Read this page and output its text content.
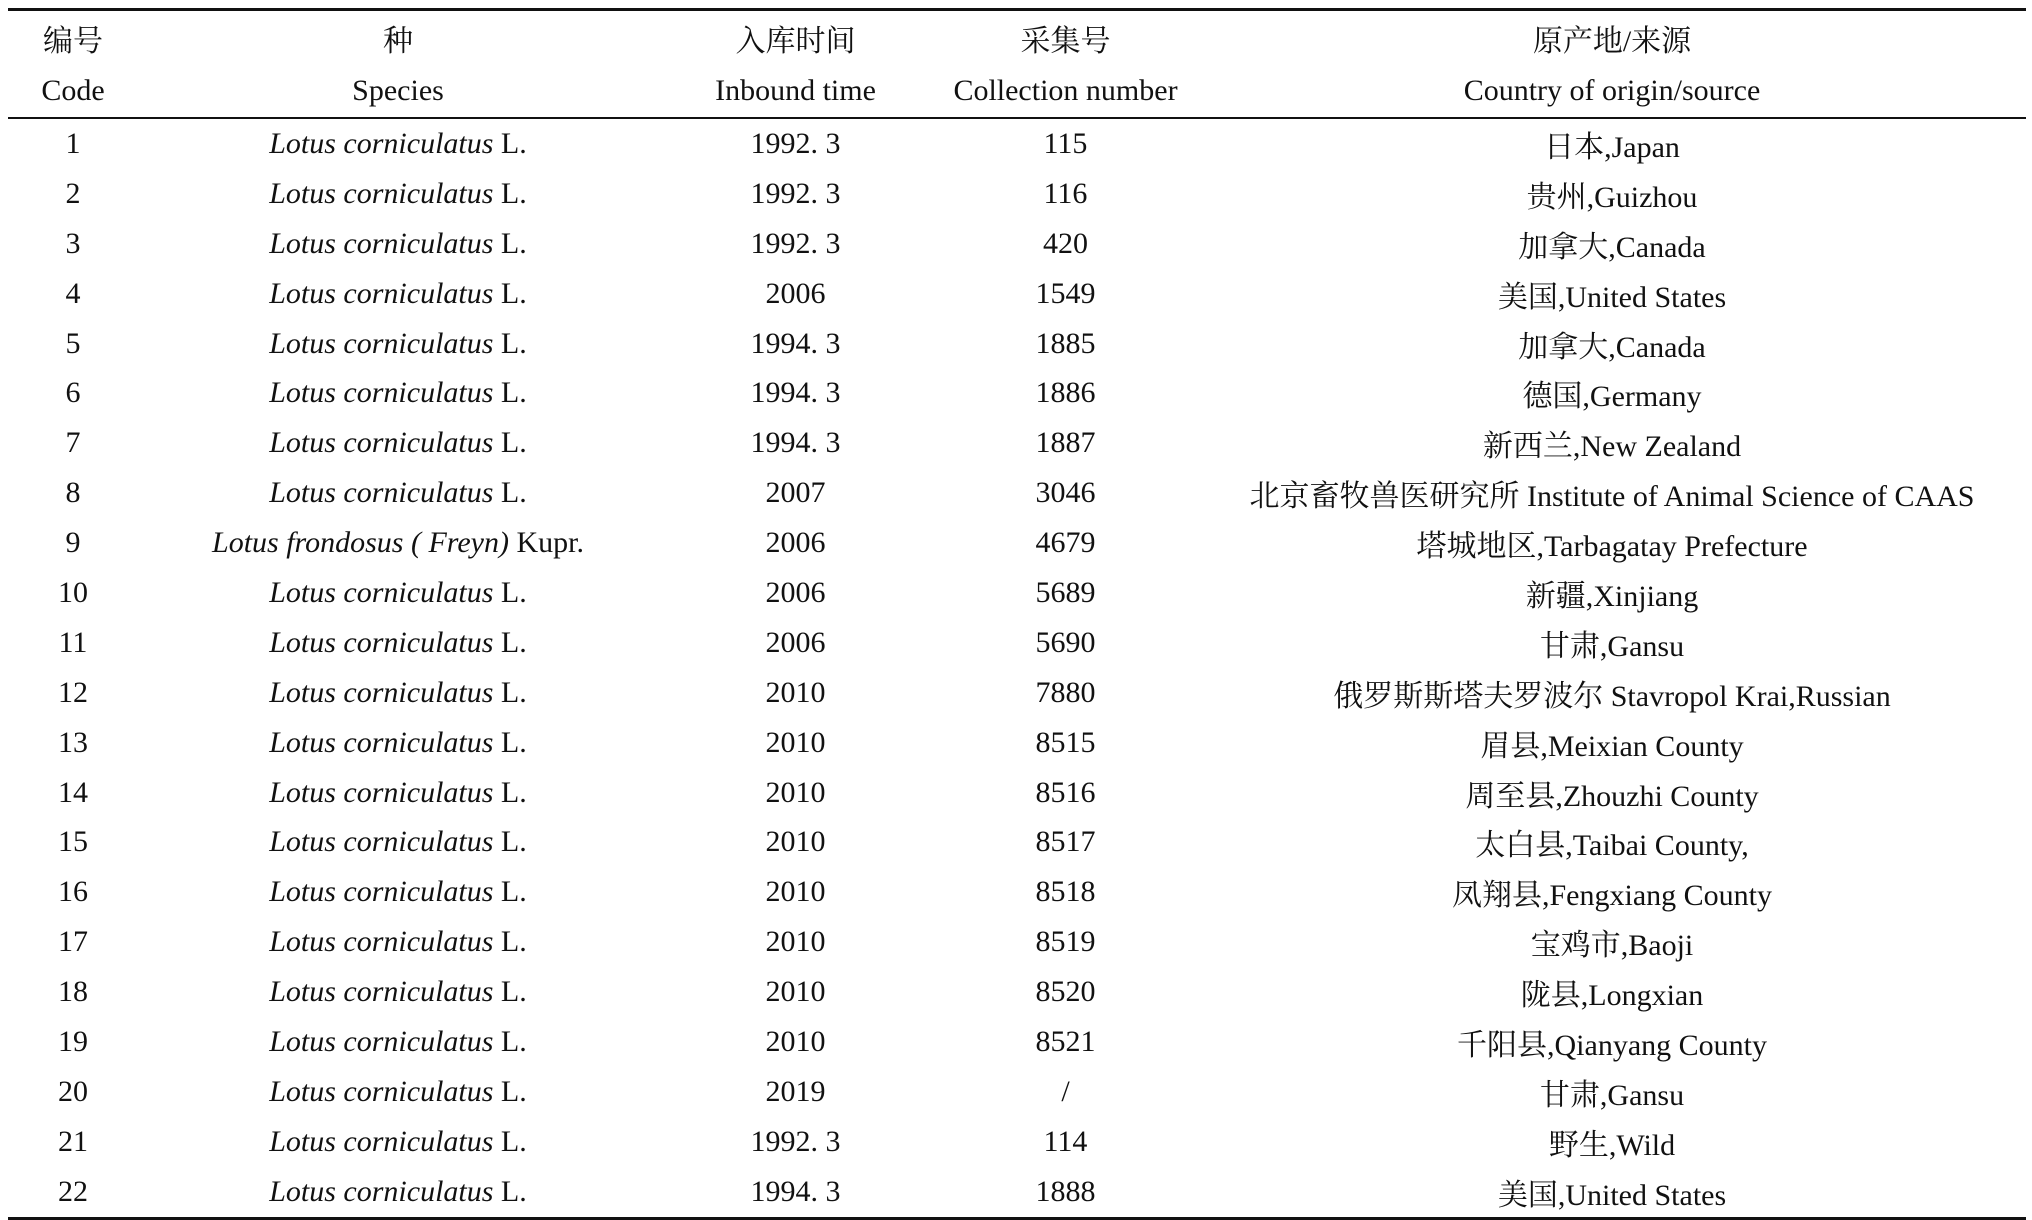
编号	种	入库时间	采集号	原产地/来源
Code	Species	Inbound time	Collection number	Country of origin/source
1	Lotus corniculatus L.	1992. 3	115	日本,Japan
2	Lotus corniculatus L.	1992. 3	116	贵州,Guizhou
3	Lotus corniculatus L.	1992. 3	420	加拿大,Canada
4	Lotus corniculatus L.	2006	1549	美国,United States
5	Lotus corniculatus L.	1994. 3	1885	加拿大,Canada
6	Lotus corniculatus L.	1994. 3	1886	德国,Germany
7	Lotus corniculatus L.	1994. 3	1887	新西兰,New Zealand
8	Lotus corniculatus L.	2007	3046	北京畜牧兽医研究所 Institute of Animal Science of CAAS
9	Lotus frondosus ( Freyn) Kupr.	2006	4679	塔城地区,Tarbagatay Prefecture
10	Lotus corniculatus L.	2006	5689	新疆,Xinjiang
11	Lotus corniculatus L.	2006	5690	甘肃,Gansu
12	Lotus corniculatus L.	2010	7880	俄罗斯斯塔夫罗波尔 Stavropol Krai,Russian
13	Lotus corniculatus L.	2010	8515	眉县,Meixian County
14	Lotus corniculatus L.	2010	8516	周至县,Zhouzhi County
15	Lotus corniculatus L.	2010	8517	太白县,Taibai County,
16	Lotus corniculatus L.	2010	8518	凤翔县,Fengxiang County
17	Lotus corniculatus L.	2010	8519	宝鸡市,Baoji
18	Lotus corniculatus L.	2010	8520	陇县,Longxian
19	Lotus corniculatus L.	2010	8521	千阳县,Qianyang County
20	Lotus corniculatus L.	2019	/	甘肃,Gansu
21	Lotus corniculatus L.	1992. 3	114	野生,Wild
22	Lotus corniculatus L.	1994. 3	1888	美国,United States
